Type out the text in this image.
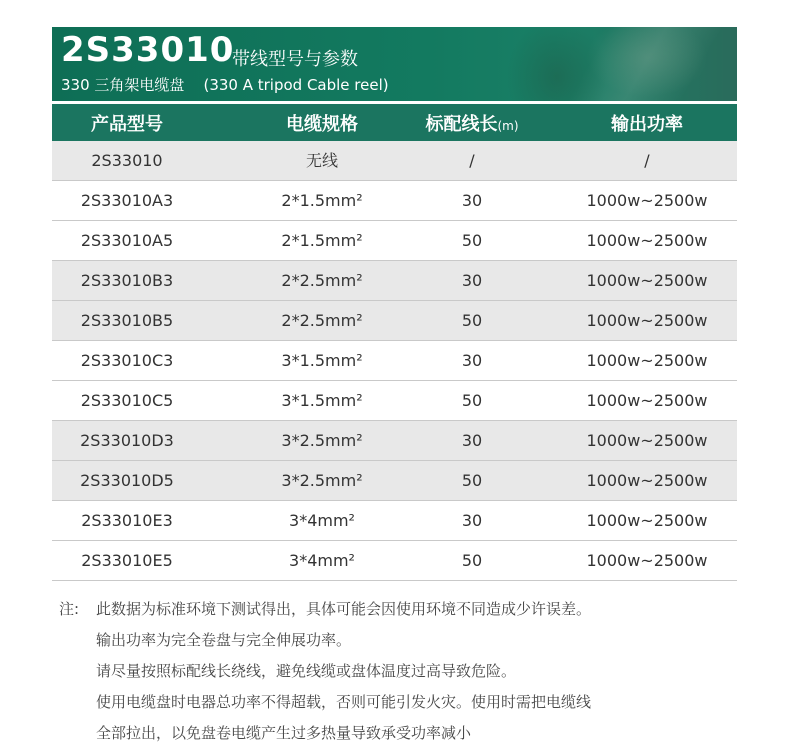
2S33010
带线型号与参数
330 三角架电缆盘    (330 A tripod Cable reel)
产品型号	电缆规格	标配线长(m)	输出功率
2S33010	无线	/	/
2S33010A3	2*1.5mm²	30	1000w~2500w
2S33010A5	2*1.5mm²	50	1000w~2500w
2S33010B3	2*2.5mm²	30	1000w~2500w
2S33010B5	2*2.5mm²	50	1000w~2500w
2S33010C3	3*1.5mm²	30	1000w~2500w
2S33010C5	3*1.5mm²	50	1000w~2500w
2S33010D3	3*2.5mm²	30	1000w~2500w
2S33010D5	3*2.5mm²	50	1000w~2500w
2S33010E3	3*4mm²	30	1000w~2500w
2S33010E5	3*4mm²	50	1000w~2500w
注: 此数据为标准环境下测试得出，具体可能会因使用环境不同造成少许误差。
输出功率为完全卷盘与完全伸展功率。
请尽量按照标配线长绕线，避免线缆或盘体温度过高导致危险。
使用电缆盘时电器总功率不得超载，否则可能引发火灾。使用时需把电缆线
全部拉出，以免盘卷电缆产生过多热量导致承受功率减小
